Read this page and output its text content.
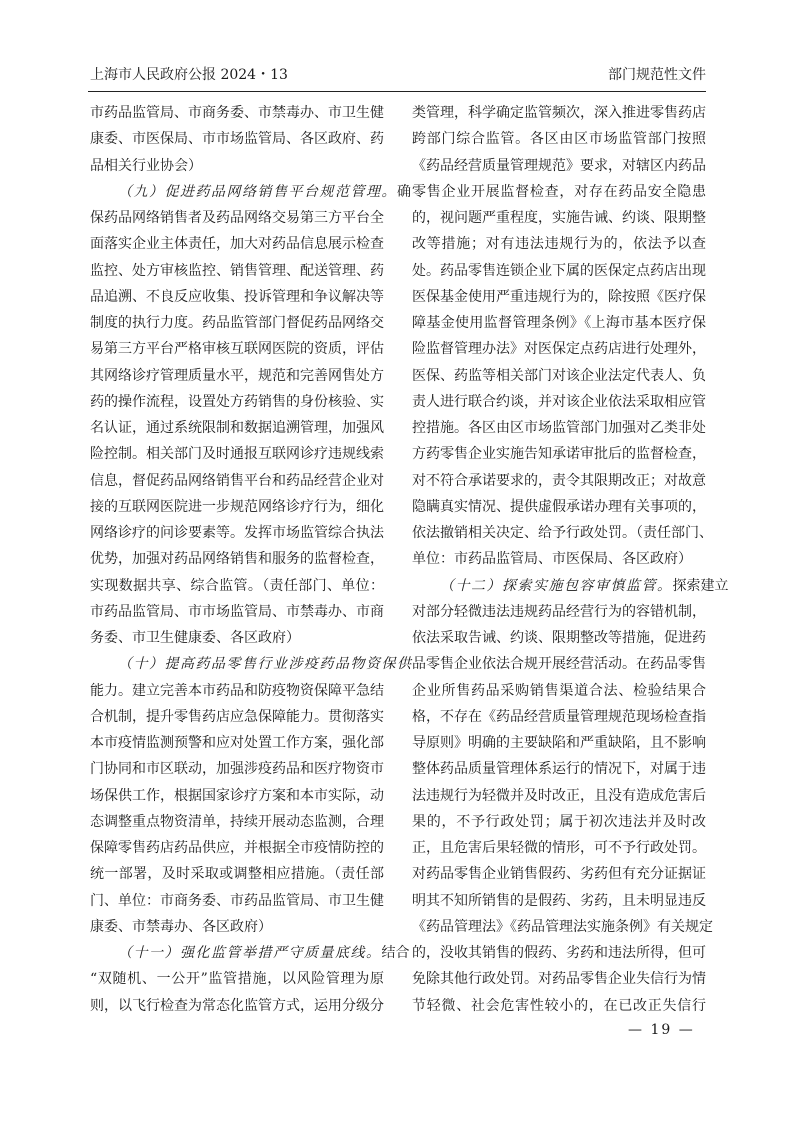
上海市人民政府公报 2024・13	部门规范性文件
市药品监管局、市商务委、市禁毒办、市卫生健
康委、市医保局、市市场监管局、各区政府、药
品相关行业协会）
（九）促进药品网络销售平台规范管理。确
保药品网络销售者及药品网络交易第三方平台全
面落实企业主体责任，加大对药品信息展示检查
监控、处方审核监控、销售管理、配送管理、药
品追溯、不良反应收集、投诉管理和争议解决等
制度的执行力度。药品监管部门督促药品网络交
易第三方平台严格审核互联网医院的资质，评估
其网络诊疗管理质量水平，规范和完善网售处方
药的操作流程，设置处方药销售的身份核验、实
名认证，通过系统限制和数据追溯管理，加强风
险控制。相关部门及时通报互联网诊疗违规线索
信息，督促药品网络销售平台和药品经营企业对
接的互联网医院进一步规范网络诊疗行为，细化
网络诊疗的问诊要素等。发挥市场监管综合执法
优势，加强对药品网络销售和服务的监督检查，
实现数据共享、综合监管。（责任部门、单位：
市药品监管局、市市场监管局、市禁毒办、市商
务委、市卫生健康委、各区政府）
（十）提高药品零售行业涉疫药品物资保供
能力。建立完善本市药品和防疫物资保障平急结
合机制，提升零售药店应急保障能力。贯彻落实
本市疫情监测预警和应对处置工作方案，强化部
门协同和市区联动，加强涉疫药品和医疗物资市
场保供工作，根据国家诊疗方案和本市实际，动
态调整重点物资清单，持续开展动态监测，合理
保障零售药店药品供应，并根据全市疫情防控的
统一部署，及时采取或调整相应措施。（责任部
门、单位：市商务委、市药品监管局、市卫生健
康委、市禁毒办、各区政府）
（十一）强化监管举措严守质量底线。结合
“双随机、一公开”监管措施，以风险管理为原
则，以飞行检查为常态化监管方式，运用分级分
类管理，科学确定监管频次，深入推进零售药店
跨部门综合监管。各区由区市场监管部门按照
《药品经营质量管理规范》要求，对辖区内药品
零售企业开展监督检查，对存在药品安全隐患
的，视问题严重程度，实施告诫、约谈、限期整
改等措施；对有违法违规行为的，依法予以查
处。药品零售连锁企业下属的医保定点药店出现
医保基金使用严重违规行为的，除按照《医疗保
障基金使用监督管理条例》《上海市基本医疗保
险监督管理办法》对医保定点药店进行处理外，
医保、药监等相关部门对该企业法定代表人、负
责人进行联合约谈，并对该企业依法采取相应管
控措施。各区由区市场监管部门加强对乙类非处
方药零售企业实施告知承诺审批后的监督检查，
对不符合承诺要求的，责令其限期改正；对故意
隐瞒真实情况、提供虚假承诺办理有关事项的，
依法撤销相关决定、给予行政处罚。（责任部门、
单位：市药品监管局、市医保局、各区政府）
（十二）探索实施包容审慎监管。探索建立
对部分轻微违法违规药品经营行为的容错机制，
依法采取告诫、约谈、限期整改等措施，促进药
品零售企业依法合规开展经营活动。在药品零售
企业所售药品采购销售渠道合法、检验结果合
格，不存在《药品经营质量管理规范现场检查指
导原则》明确的主要缺陷和严重缺陷，且不影响
整体药品质量管理体系运行的情况下，对属于违
法违规行为轻微并及时改正，且没有造成危害后
果的，不予行政处罚；属于初次违法并及时改
正，且危害后果轻微的情形，可不予行政处罚。
对药品零售企业销售假药、劣药但有充分证据证
明其不知所销售的是假药、劣药，且未明显违反
《药品管理法》《药品管理法实施条例》有关规定
的，没收其销售的假药、劣药和违法所得，但可
免除其他行政处罚。对药品零售企业失信行为情
节轻微、社会危害性较小的，在已改正失信行
— 19 —
